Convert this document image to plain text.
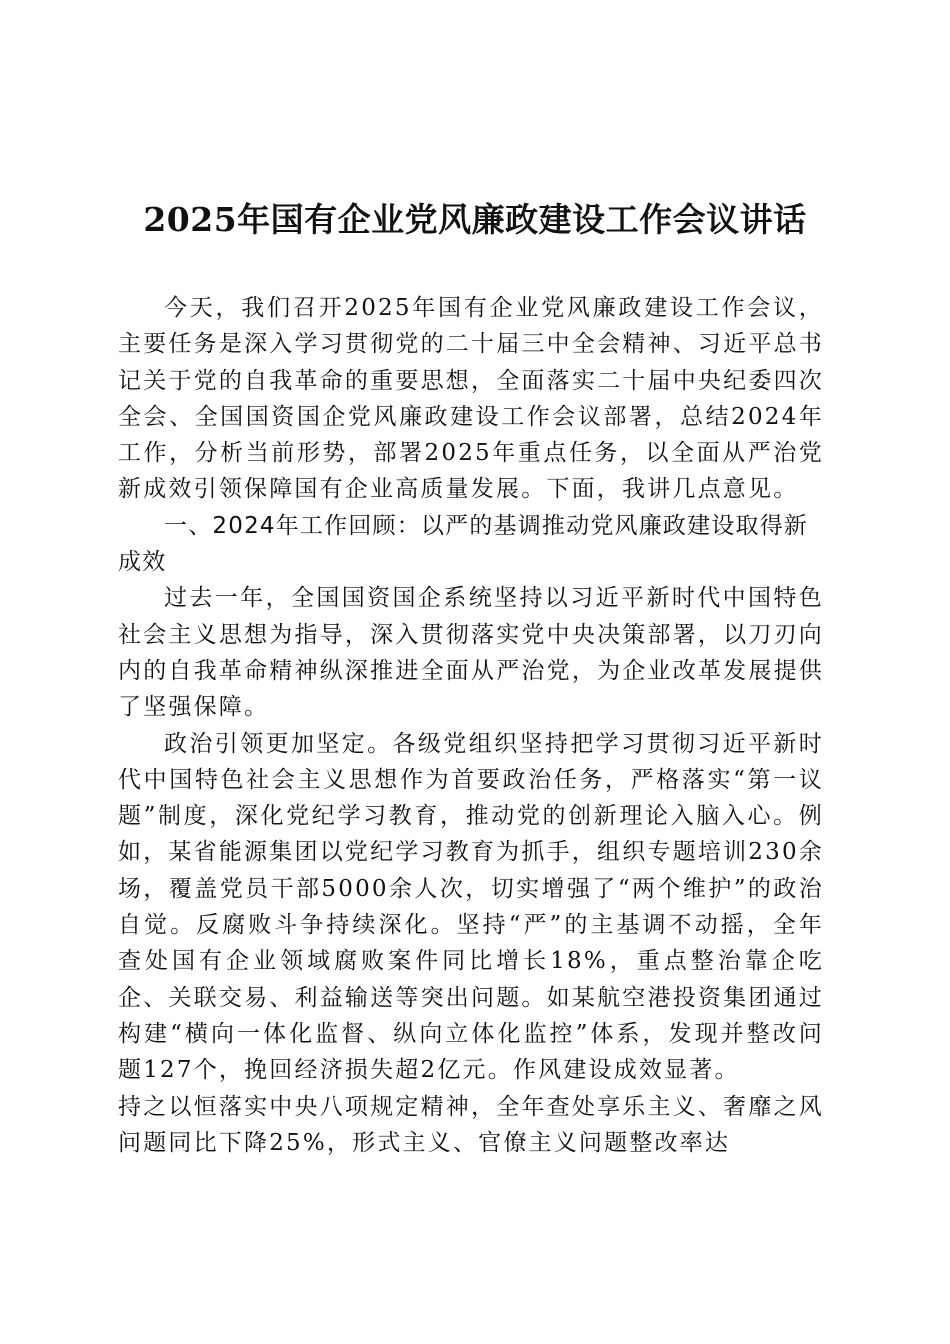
2025年国有企业党风廉政建设工作会议讲话

今天，我们召开2025年国有企业党风廉政建设工作会议，主要任务是深入学习贯彻党的二十届三中全会精神、习近平总书记关于党的自我革命的重要思想，全面落实二十届中央纪委四次全会、全国国资国企党风廉政建设工作会议部署，总结2024年工作，分析当前形势，部署2025年重点任务，以全面从严治党新成效引领保障国有企业高质量发展。下面，我讲几点意见。

一、2024年工作回顾：以严的基调推动党风廉政建设取得新成效

过去一年，全国国资国企系统坚持以习近平新时代中国特色社会主义思想为指导，深入贯彻落实党中央决策部署，以刀刃向内的自我革命精神纵深推进全面从严治党，为企业改革发展提供了坚强保障。

政治引领更加坚定。各级党组织坚持把学习贯彻习近平新时代中国特色社会主义思想作为首要政治任务，严格落实“第一议题”制度，深化党纪学习教育，推动党的创新理论入脑入心。例如，某省能源集团以党纪学习教育为抓手，组织专题培训230余场，覆盖党员干部5000余人次，切实增强了“两个维护”的政治自觉。反腐败斗争持续深化。坚持“严”的主基调不动摇，全年查处国有企业领域腐败案件同比增长18%，重点整治靠企吃企、关联交易、利益输送等突出问题。如某航空港投资集团通过构建“横向一体化监督、纵向立体化监控”体系，发现并整改问题127个，挽回经济损失超2亿元。作风建设成效显著。

持之以恒落实中央八项规定精神，全年查处享乐主义、奢靡之风问题同比下降25%，形式主义、官僚主义问题整改率达
